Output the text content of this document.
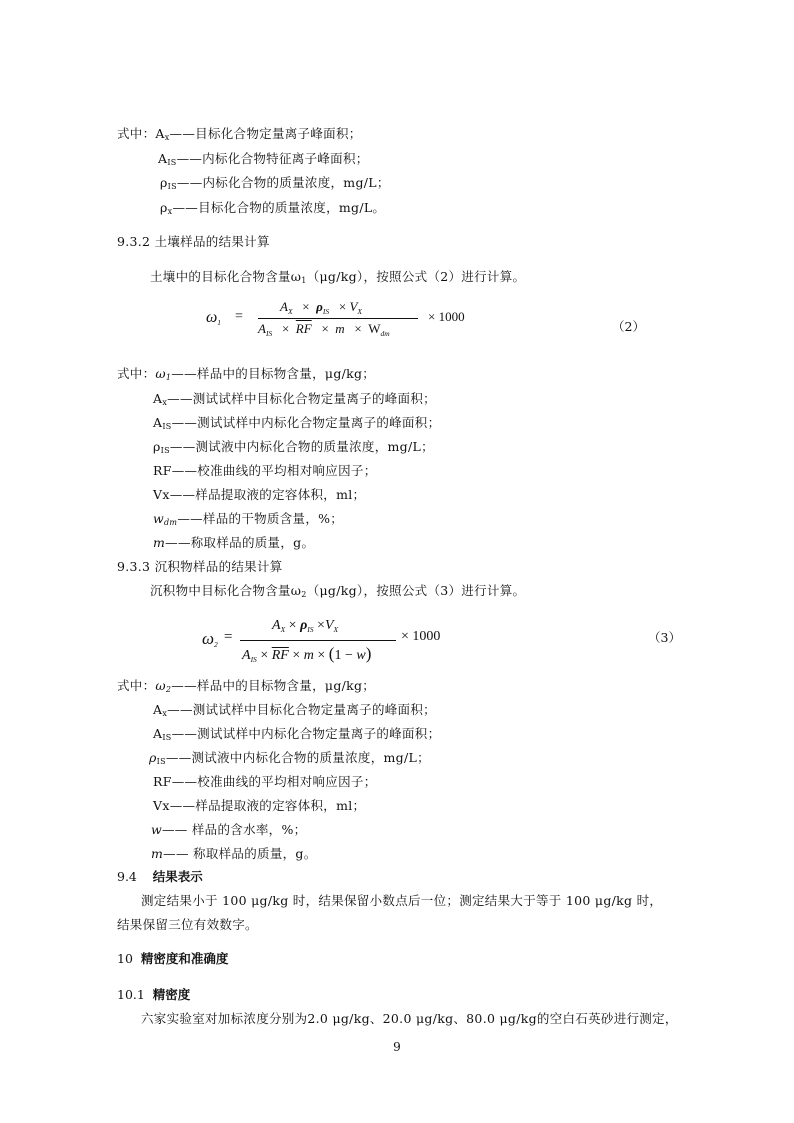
式中：$A_x——$目标化合物定量离子峰面积；
$A_{IS}——$内标化合物特征离子峰面积；
$\rho_{IS}——$内标化合物的质量浓度，mg/L；
$\rho_x——$目标化合物的质量浓度，mg/L。
9.3.2 土壤样品的结果计算
土壤中的目标化合物含量$\omega_1(\mu g/kg)$，按照公式（2）进行计算。
ω1 =
$A_X \times \rho_{IS} \times V_X$
$A_{IS} \times \overline{RF} \times m \times W_{dm}$
× 1000
（2）
式中：$\omega_1——$样品中的目标物含量，μg/kg；
$A_x——$测试试样中目标化合物定量离子的峰面积；
$A_{IS}——$测试试样中内标化合物定量离子的峰面积；
$\rho_{IS}——$测试液中内标化合物的质量浓度，mg/L；
RF——校准曲线的平均相对响应因子；
Vx——样品提取液的定容体积，ml；
$w_{dm}——$样品的干物质含量，%；
m——称取样品的质量，g。
9.3.3 沉积物样品的结果计算
沉积物中目标化合物含量$\omega_2(\mu g/kg)$，按照公式（3）进行计算。
ω2 =
$A_X \times \rho_{IS} \times V_X$
$A_{IS} \times \overline{RF} \times m \times (1 - w)$
× 1000	（3）
式中：$\omega_2——$样品中的目标物含量，μg/kg；
$A_x——$测试试样中目标化合物定量离子的峰面积；
$A_{IS}——$测试试样中内标化合物定量离子的峰面积；
$\rho_{IS}——$测试液中内标化合物的质量浓度，mg/L；
RF——校准曲线的平均相对响应因子；
Vx——样品提取液的定容体积，ml；
w—— 样品的含水率，%；
m—— 称取样品的质量，g。
9.4 结果表示
测定结果小于 100 μg/kg 时，结果保留小数点后一位；测定结果大于等于 100 μg/kg 时，
结果保留三位有效数字。
10 精密度和准确度
10.1 精密度
六家实验室对加标浓度分别为2.0 μg/kg、20.0 μg/kg、80.0 μg/kg的空白石英砂进行测定，
9
